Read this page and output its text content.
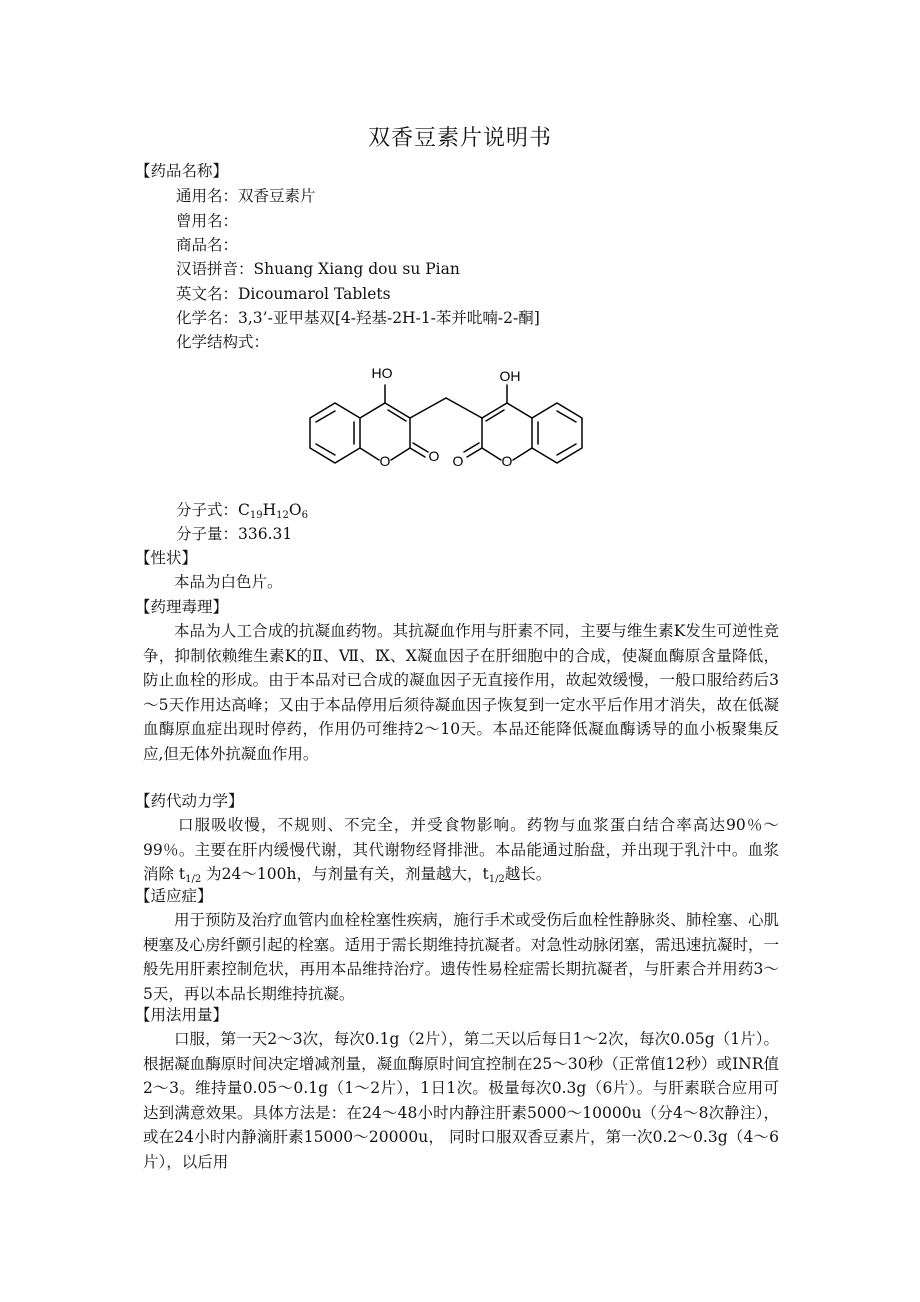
双香豆素片说明书
【药品名称】
通用名：双香豆素片
曾用名：
商品名：
汉语拼音：Shuang Xiang dou su Pian
英文名：Dicoumarol Tablets
化学名：3,3’-亚甲基双[4-羟基-2H-1-苯并吡喃-2-酮]
化学结构式：
HO	OH
O	O O	O
分子式：$C_{19}H_{12}O_6$
分子量：336.31
【性状】
本品为白色片。
【药理毒理】
本品为人工合成的抗凝血药物。其抗凝血作用与肝素不同，主要与维生素K发生可逆性竞争，抑制依赖维生素K的Ⅱ、Ⅶ、Ⅸ、Ⅹ凝血因子在肝细胞中的合成，使凝血酶原含量降低，防止血栓的形成。由于本品对已合成的凝血因子无直接作用，故起效缓慢，一般口服给药后3～5天作用达高峰；又由于本品停用后须待凝血因子恢复到一定水平后作用才消失，故在低凝血酶原血症出现时停药，作用仍可维持2～10天。本品还能降低凝血酶诱导的血小板聚集反应,但无体外抗凝血作用。
【药代动力学】
口服吸收慢，不规则、不完全，并受食物影响。药物与血浆蛋白结合率高达90％～99％。主要在肝内缓慢代谢，其代谢物经肾排泄。本品能通过胎盘，并出现于乳汁中。血浆消除 $t_{1/2}$ 为24～100h，与剂量有关，剂量越大，$t_{1/2}$越长。
【适应症】
用于预防及治疗血管内血栓栓塞性疾病，施行手术或受伤后血栓性静脉炎、肺栓塞、心肌梗塞及心房纤颤引起的栓塞。适用于需长期维持抗凝者。对急性动脉闭塞，需迅速抗凝时，一般先用肝素控制危状，再用本品维持治疗。遗传性易栓症需长期抗凝者，与肝素合并用药3～5天，再以本品长期维持抗凝。
【用法用量】
口服，第一天2～3次，每次0.1g（2片），第二天以后每日1～2次，每次0.05g（1片）。根据凝血酶原时间决定增减剂量，凝血酶原时间宜控制在25～30秒（正常值12秒）或INR值2～3。维持量0.05～0.1g（1～2片），1日1次。极量每次0.3g（6片）。与肝素联合应用可达到满意效果。具体方法是：在24～48小时内静注肝素5000～10000u（分4～8次静注），或在24小时内静滴肝素15000～20000u， 同时口服双香豆素片，第一次0.2～0.3g（4～6片），以后用
